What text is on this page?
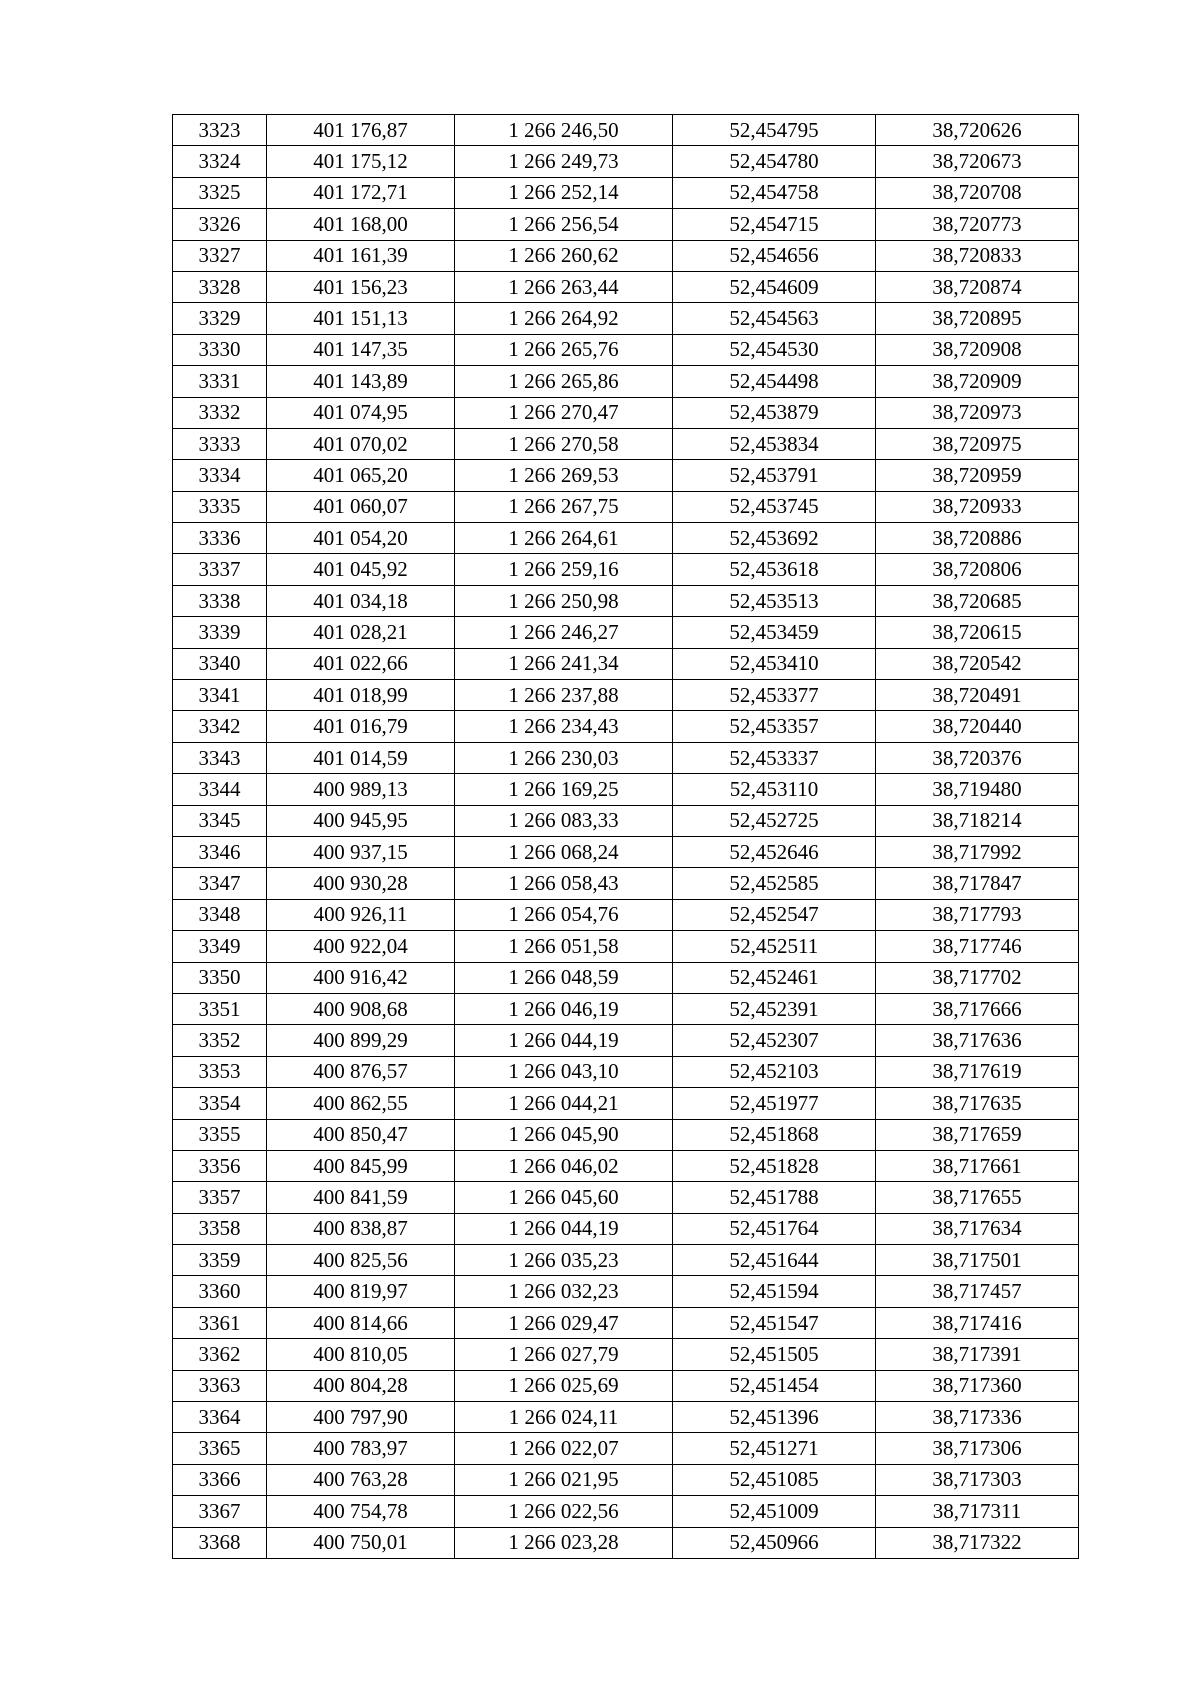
3323	401 176,87	1 266 246,50	52,454795	38,720626
3324	401 175,12	1 266 249,73	52,454780	38,720673
3325	401 172,71	1 266 252,14	52,454758	38,720708
3326	401 168,00	1 266 256,54	52,454715	38,720773
3327	401 161,39	1 266 260,62	52,454656	38,720833
3328	401 156,23	1 266 263,44	52,454609	38,720874
3329	401 151,13	1 266 264,92	52,454563	38,720895
3330	401 147,35	1 266 265,76	52,454530	38,720908
3331	401 143,89	1 266 265,86	52,454498	38,720909
3332	401 074,95	1 266 270,47	52,453879	38,720973
3333	401 070,02	1 266 270,58	52,453834	38,720975
3334	401 065,20	1 266 269,53	52,453791	38,720959
3335	401 060,07	1 266 267,75	52,453745	38,720933
3336	401 054,20	1 266 264,61	52,453692	38,720886
3337	401 045,92	1 266 259,16	52,453618	38,720806
3338	401 034,18	1 266 250,98	52,453513	38,720685
3339	401 028,21	1 266 246,27	52,453459	38,720615
3340	401 022,66	1 266 241,34	52,453410	38,720542
3341	401 018,99	1 266 237,88	52,453377	38,720491
3342	401 016,79	1 266 234,43	52,453357	38,720440
3343	401 014,59	1 266 230,03	52,453337	38,720376
3344	400 989,13	1 266 169,25	52,453110	38,719480
3345	400 945,95	1 266 083,33	52,452725	38,718214
3346	400 937,15	1 266 068,24	52,452646	38,717992
3347	400 930,28	1 266 058,43	52,452585	38,717847
3348	400 926,11	1 266 054,76	52,452547	38,717793
3349	400 922,04	1 266 051,58	52,452511	38,717746
3350	400 916,42	1 266 048,59	52,452461	38,717702
3351	400 908,68	1 266 046,19	52,452391	38,717666
3352	400 899,29	1 266 044,19	52,452307	38,717636
3353	400 876,57	1 266 043,10	52,452103	38,717619
3354	400 862,55	1 266 044,21	52,451977	38,717635
3355	400 850,47	1 266 045,90	52,451868	38,717659
3356	400 845,99	1 266 046,02	52,451828	38,717661
3357	400 841,59	1 266 045,60	52,451788	38,717655
3358	400 838,87	1 266 044,19	52,451764	38,717634
3359	400 825,56	1 266 035,23	52,451644	38,717501
3360	400 819,97	1 266 032,23	52,451594	38,717457
3361	400 814,66	1 266 029,47	52,451547	38,717416
3362	400 810,05	1 266 027,79	52,451505	38,717391
3363	400 804,28	1 266 025,69	52,451454	38,717360
3364	400 797,90	1 266 024,11	52,451396	38,717336
3365	400 783,97	1 266 022,07	52,451271	38,717306
3366	400 763,28	1 266 021,95	52,451085	38,717303
3367	400 754,78	1 266 022,56	52,451009	38,717311
3368	400 750,01	1 266 023,28	52,450966	38,717322
